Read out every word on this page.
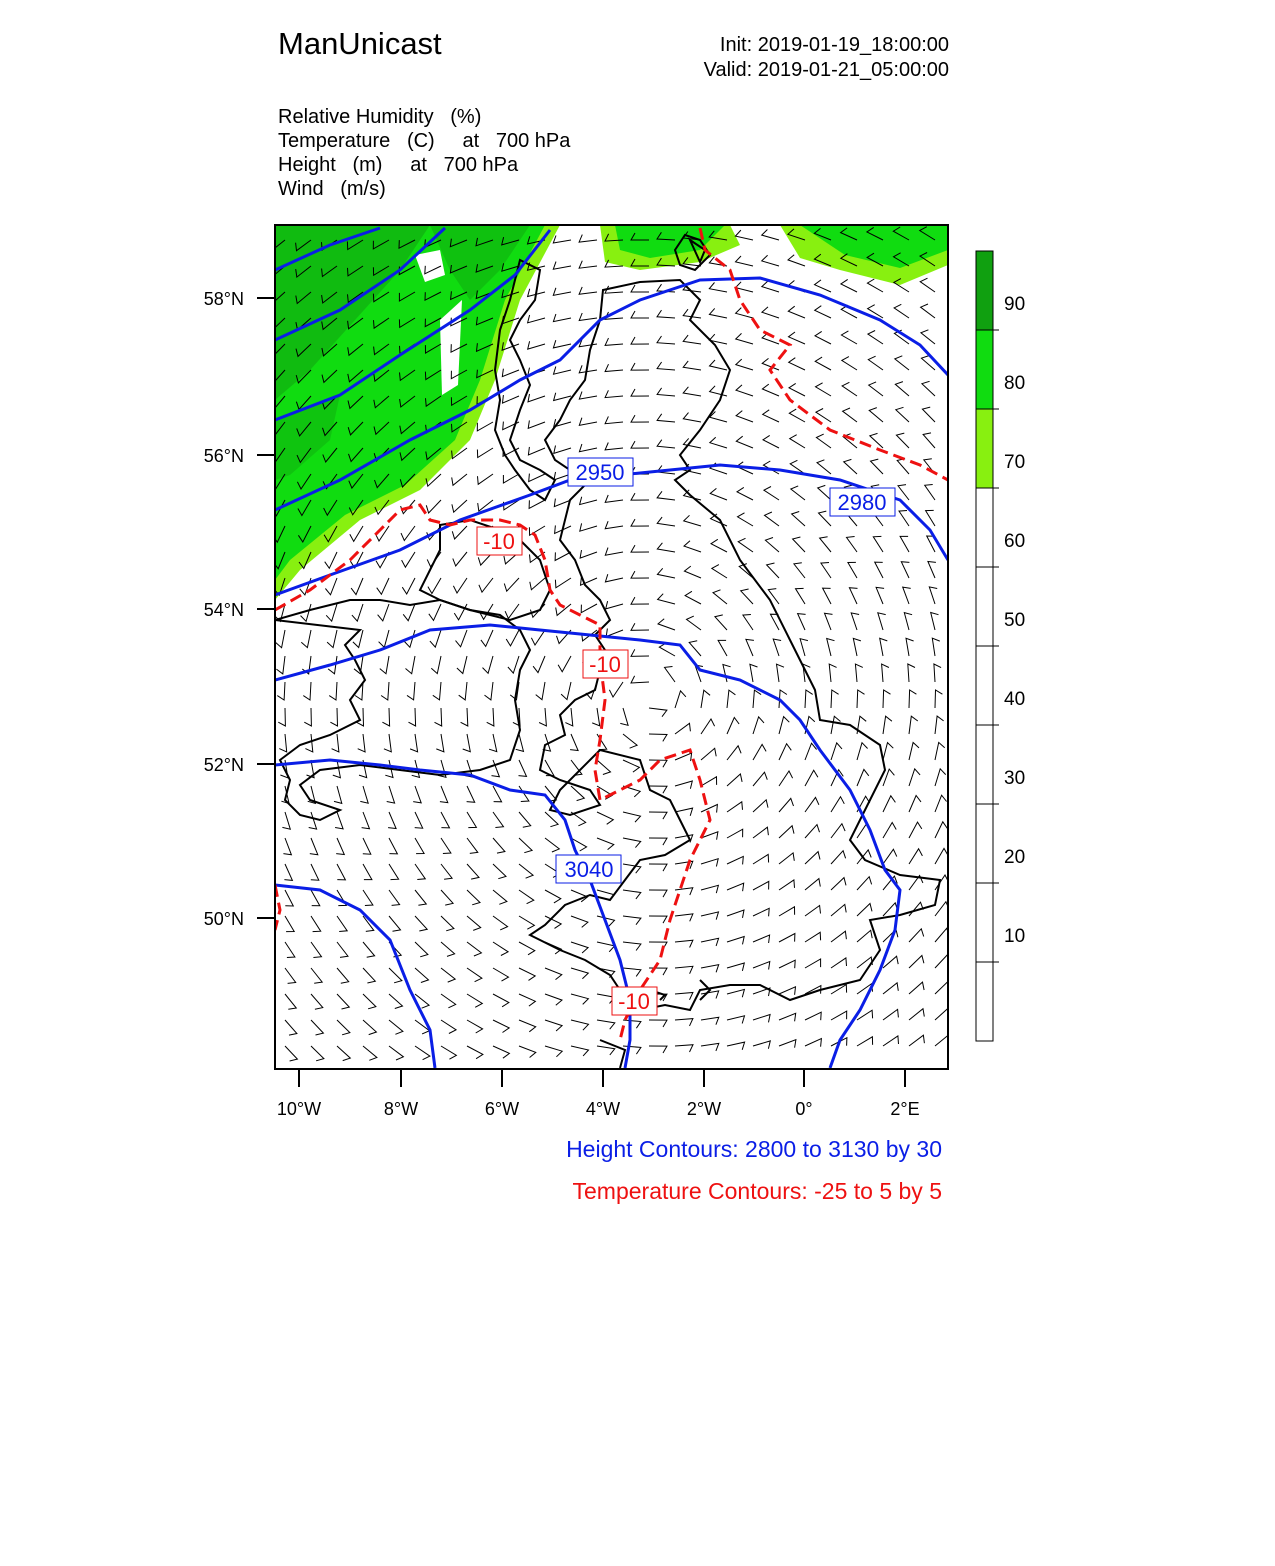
ManUnicast	Init: 2019-01-19_18:00:00
Valid: 2019-01-21_05:00:00
Relative Humidity   (%)
Temperature   (C)     at   700 hPa
Height   (m)     at   700 hPa
Wind   (m/s)
2950
2980
3040
-10
-10
-10
58°N
56°N
54°N
52°N
50°N
10°W	8°W	6°W	4°W	2°W	0°	2°E
90
80
70
60
50
40
30
20
10
Height Contours: 2800 to 3130 by 30
Temperature Contours: -25 to 5 by 5
